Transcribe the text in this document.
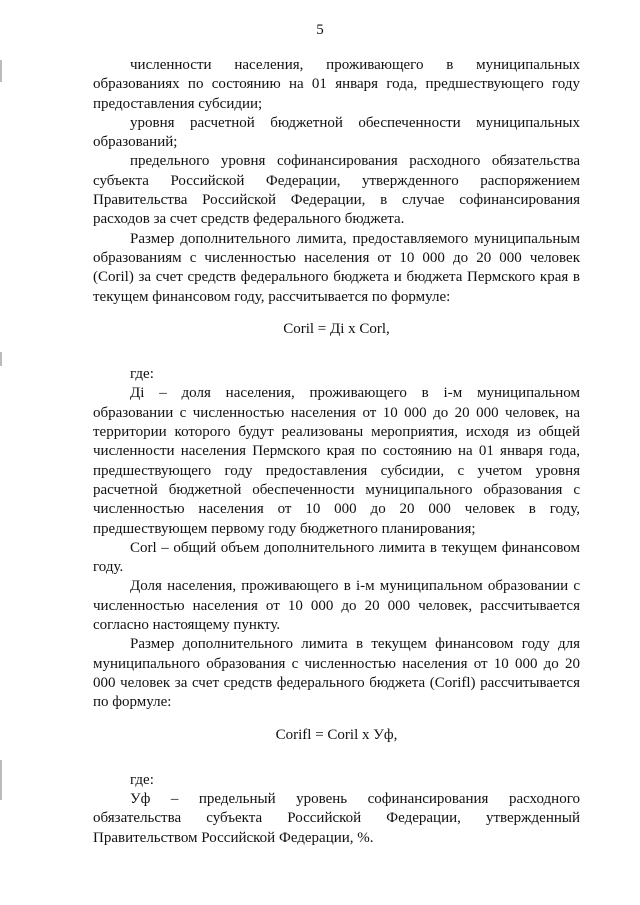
5

численности населения, проживающего в муниципальных образованиях по состоянию на 01 января года, предшествующего году предоставления субсидии;

уровня расчетной бюджетной обеспеченности муниципальных образований;

предельного уровня софинансирования расходного обязательства субъекта Российской Федерации, утвержденного распоряжением Правительства Российской Федерации, в случае софинансирования расходов за счет средств федерального бюджета.

Размер дополнительного лимита, предоставляемого муниципальным образованиям с численностью населения от 10 000 до 20 000 человек (Coril) за счет средств федерального бюджета и бюджета Пермского края в текущем финансовом году, рассчитывается по формуле:

Coril = Дi x Corl,

где:

Дi – доля населения, проживающего в i-м муниципальном образовании с численностью населения от 10 000 до 20 000 человек, на территории которого будут реализованы мероприятия, исходя из общей численности населения Пермского края по состоянию на 01 января года, предшествующего году предоставления субсидии, с учетом уровня расчетной бюджетной обеспеченности муниципального образования с численностью населения от 10 000 до 20 000 человек в году, предшествующем первому году бюджетного планирования;

Corl – общий объем дополнительного лимита в текущем финансовом году.

Доля населения, проживающего в i-м муниципальном образовании с численностью населения от 10 000 до 20 000 человек, рассчитывается согласно настоящему пункту.

Размер дополнительного лимита в текущем финансовом году для муниципального образования с численностью населения от 10 000 до 20 000 человек за счет средств федерального бюджета (Corifl) рассчитывается по формуле:

Corifl = Coril x Уф,

где:

Уф – предельный уровень софинансирования расходного обязательства субъекта Российской Федерации, утвержденный Правительством Российской Федерации, %.
